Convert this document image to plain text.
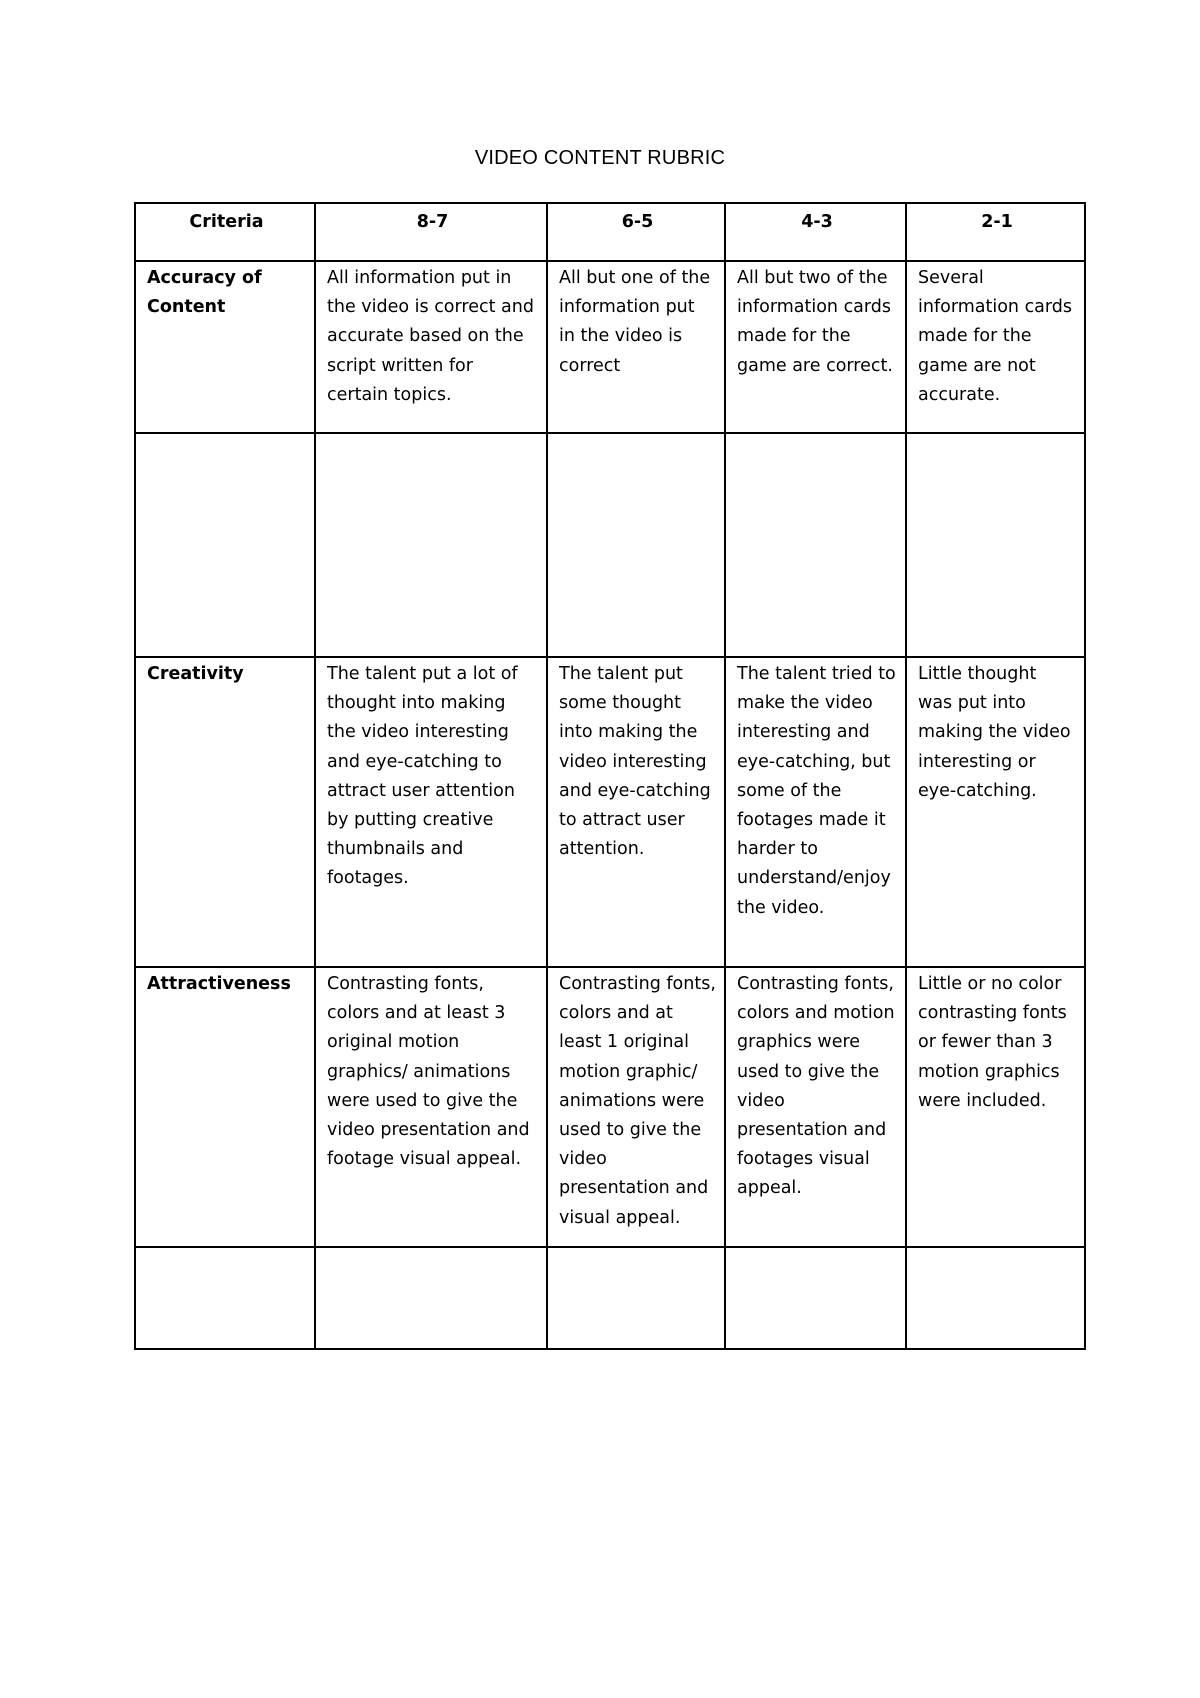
VIDEO CONTENT RUBRIC
Criteria	8-7	6-5	4-3	2-1
Accuracy of Content	All information put in the video is correct and accurate based on the script written for certain topics.	All but one of the information put in the video is correct	All but two of the information cards made for the game are correct.	Several information cards made for the game are not accurate.

Creativity	The talent put a lot of thought into making the video interesting and eye-catching to attract user attention by putting creative thumbnails and footages.	The talent put some thought into making the video interesting and eye-catching to attract user attention.	The talent tried to make the video interesting and eye-catching, but some of the footages made it harder to understand/enjoy the video.	Little thought was put into making the video interesting or eye-catching.
Attractiveness	Contrasting fonts, colors and at least 3 original motion graphics/ animations were used to give the video presentation and footage visual appeal.	Contrasting fonts, colors and at least 1 original motion graphic/ animations were used to give the video presentation and visual appeal.	Contrasting fonts, colors and motion graphics were used to give the video presentation and footages visual appeal.	Little or no color contrasting fonts or fewer than 3 motion graphics were included.
